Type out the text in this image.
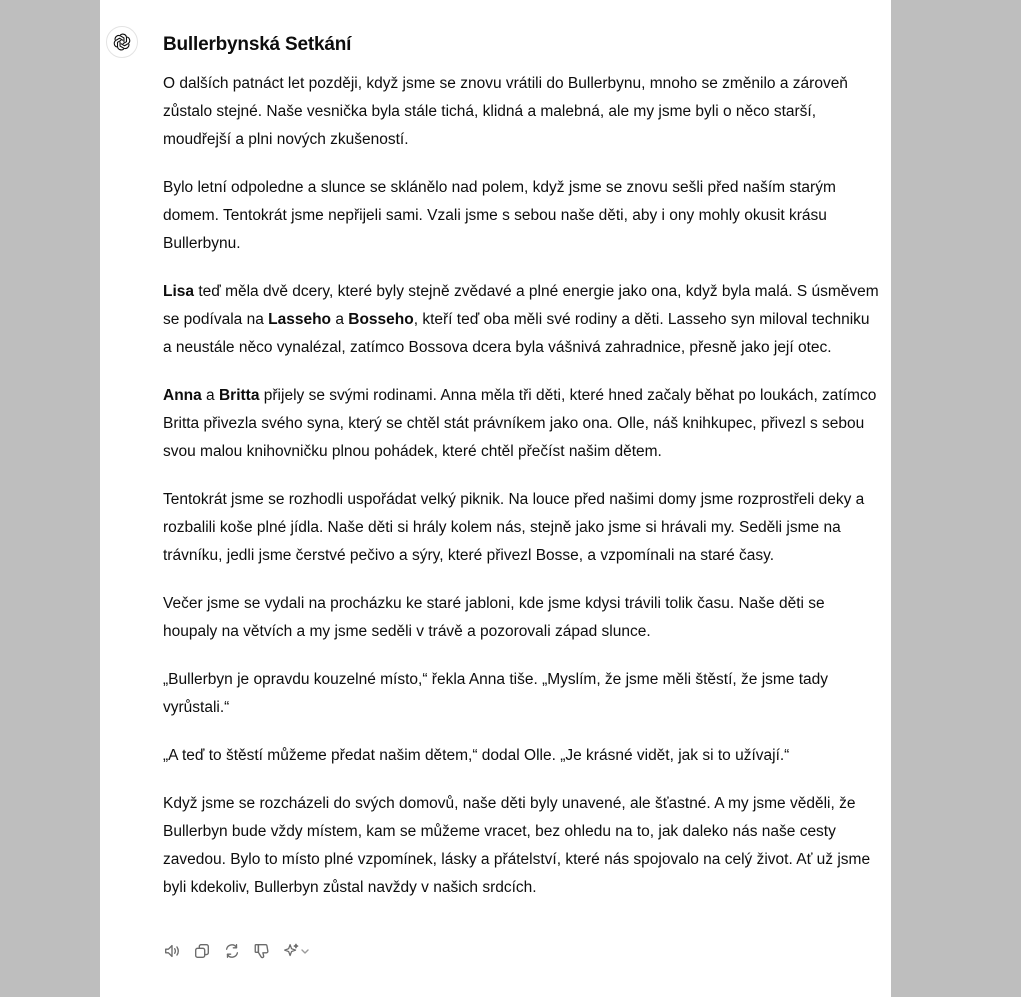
Bullerbynská Setkání

O dalších patnáct let později, když jsme se znovu vrátili do Bullerbynu, mnoho se změnilo a zároveň zůstalo stejné. Naše vesnička byla stále tichá, klidná a malebná, ale my jsme byli o něco starší, moudřejší a plni nových zkušeností.

Bylo letní odpoledne a slunce se sklánělo nad polem, když jsme se znovu sešli před naším starým domem. Tentokrát jsme nepřijeli sami. Vzali jsme s sebou naše děti, aby i ony mohly okusit krásu Bullerbynu.

Lisa teď měla dvě dcery, které byly stejně zvědavé a plné energie jako ona, když byla malá. S úsměvem se podívala na Lasseho a Bosseho, kteří teď oba měli své rodiny a děti. Lasseho syn miloval techniku a neustále něco vynalézal, zatímco Bossova dcera byla vášnivá zahradnice, přesně jako její otec.

Anna a Britta přijely se svými rodinami. Anna měla tři děti, které hned začaly běhat po loukách, zatímco Britta přivezla svého syna, který se chtěl stát právníkem jako ona. Olle, náš knihkupec, přivezl s sebou svou malou knihovničku plnou pohádek, které chtěl přečíst našim dětem.

Tentokrát jsme se rozhodli uspořádat velký piknik. Na louce před našimi domy jsme rozprostřeli deky a rozbalili koše plné jídla. Naše děti si hrály kolem nás, stejně jako jsme si hrávali my. Seděli jsme na trávníku, jedli jsme čerstvé pečivo a sýry, které přivezl Bosse, a vzpomínali na staré časy.

Večer jsme se vydali na procházku ke staré jabloni, kde jsme kdysi trávili tolik času. Naše děti se houpaly na větvích a my jsme seděli v trávě a pozorovali západ slunce.

„Bullerbyn je opravdu kouzelné místo,“ řekla Anna tiše. „Myslím, že jsme měli štěstí, že jsme tady vyrůstali.“

„A teď to štěstí můžeme předat našim dětem,“ dodal Olle. „Je krásné vidět, jak si to užívají.“

Když jsme se rozcházeli do svých domovů, naše děti byly unavené, ale šťastné. A my jsme věděli, že Bullerbyn bude vždy místem, kam se můžeme vracet, bez ohledu na to, jak daleko nás naše cesty zavedou. Bylo to místo plné vzpomínek, lásky a přátelství, které nás spojovalo na celý život. Ať už jsme byli kdekoliv, Bullerbyn zůstal navždy v našich srdcích.
